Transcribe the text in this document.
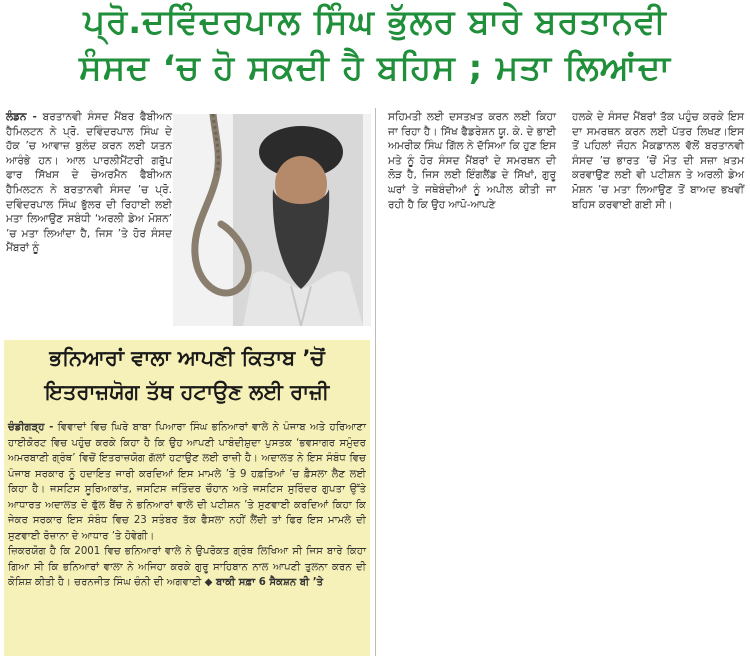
ਪ੍ਰੋ.ਦਵਿੰਦਰਪਾਲ ਸਿੰਘ ਭੁੱਲਰ ਬਾਰੇ ਬਰਤਾਨਵੀ
ਸੰਸਦ ‘ਚ ਹੋ ਸਕਦੀ ਹੈ ਬਹਿਸ ; ਮਤਾ ਲਿਆਂਦਾ
ਲੰਡਨ - ਬਰਤਾਨਵੀ ਸੰਸਦ ਮੈਂਬਰ ਫੈਬੀਅਨ ਹੈਮਿਲਟਨ ਨੇ ਪ੍ਰੋ. ਦਵਿੰਦਰਪਾਲ ਸਿੰਘ ਦੇ ਹੱਕ ’ਚ ਆਵਾਜ਼ ਬੁਲੰਦ ਕਰਨ ਲਈ ਯਤਨ ਆਰੰਭੇ ਹਨ। ਆਲ ਪਾਰਲੀਮੈਂਟਰੀ ਗਰੁੱਪ ਫਾਰ ਸਿੱਖਸ ਦੇ ਚੇਅਰਮੈਨ ਫੈਬੀਅਨ ਹੈਮਿਲਟਨ ਨੇ ਬਰਤਾਨਵੀ ਸੰਸਦ ’ਚ ਪ੍ਰੋ. ਦਵਿੰਦਰਪਾਲ ਸਿੰਘ ਭੁੱਲਰ ਦੀ ਰਿਹਾਈ ਲਈ ਮਤਾ ਲਿਆਉਣ ਸਬੰਧੀ ‘ਅਰਲੀ ਡੇਅ ਮੋਸ਼ਨ’ ’ਚ ਮਤਾ ਲਿਆਂਦਾ ਹੈ, ਜਿਸ ’ਤੇ ਹੋਰ ਸੰਸਦ ਮੈਂਬਰਾਂ ਨੂੰ
ਸਹਿਮਤੀ ਲਈ ਦਸਤਖ਼ਤ ਕਰਨ ਲਈ ਕਿਹਾ ਜਾ ਰਿਹਾ ਹੈ। ਸਿੱਖ ਫੈਡਰੇਸ਼ਨ ਯੂ. ਕੇ. ਦੇ ਭਾਈ ਅਮਰੀਕ ਸਿੰਘ ਗਿੱਲ ਨੇ ਦੱਸਿਆ ਕਿ ਹੁਣ ਇਸ ਮਤੇ ਨੂੰ ਹੋਰ ਸੰਸਦ ਮੈਂਬਰਾਂ ਦੇ ਸਮਰਥਨ ਦੀ ਲੋੜ ਹੈ, ਜਿਸ ਲਈ ਇੰਗਲੈਂਡ ਦੇ ਸਿੱਖਾਂ, ਗੁਰੂ ਘਰਾਂ ਤੇ ਜਥੇਬੰਦੀਆਂ ਨੂੰ ਅਪੀਲ ਕੀਤੀ ਜਾ ਰਹੀ ਹੈ ਕਿ ਉਹ ਆਪੋ-ਆਪਣੇ
ਹਲਕੇ ਦੇ ਸੰਸਦ ਮੈਂਬਰਾਂ ਤੱਕ ਪਹੁੰਚ ਕਰਕੇ ਇਸ ਦਾ ਸਮਰਥਨ ਕਰਨ ਲਈ ਪੱਤਰ ਲਿਖਣ।ਇਸ ਤੋਂ ਪਹਿਲਾਂ ਜੌਹਨ ਮੈਕਡਾਨਲ ਵੱਲੋਂ ਬਰਤਾਨਵੀ ਸੰਸਦ ’ਚ ਭਾਰਤ ’ਚੋਂ ਮੌਤ ਦੀ ਸਜ਼ਾ ਖ਼ਤਮ ਕਰਵਾਉਣ ਲਈ ਵੀ ਪਟੀਸ਼ਨ ਤੇ ਅਰਲੀ ਡੇਅ ਮੋਸ਼ਨ ’ਚ ਮਤਾ ਲਿਆਉਣ ਤੋਂ ਬਾਅਦ ਭਖਵੀਂ ਬਹਿਸ ਕਰਵਾਈ ਗਈ ਸੀ।
ਭਨਿਆਰਾਂ ਵਾਲਾ ਆਪਣੀ ਕਿਤਾਬ ’ਚੋਂ
ਇਤਰਾਜ਼ਯੋਗ ਤੱਥ ਹਟਾਉਣ ਲਈ ਰਾਜ਼ੀ

ਚੰਡੀਗੜ੍ਹ - ਵਿਵਾਦਾਂ ਵਿਚ ਘਿਰੇ ਬਾਬਾ ਪਿਆਰਾ ਸਿੰਘ ਭਨਿਆਰਾਂ ਵਾਲੇ ਨੇ ਪੰਜਾਬ ਅਤੇ ਹਰਿਆਣਾ ਹਾਈਕੋਰਟ ਵਿਚ ਪਹੁੰਚ ਕਰਕੇ ਕਿਹਾ ਹੈ ਕਿ ਉਹ ਆਪਣੀ ਪਾਬੰਦੀਸ਼ੁਦਾ ਪੁਸਤਕ ‘ਭਵਸਾਗਰ ਸਮੁੰਦਰ ਅਮਰਬਾਣੀ ਗ੍ਰੰਥ’ ਵਿਚੋਂ ਇਤਰਾਜ਼ਯੋਗ ਗੱਲਾਂ ਹਟਾਉਣ ਲਈ ਰਾਜ਼ੀ ਹੈ। ਅਦਾਲਤ ਨੇ ਇਸ ਸੰਬੰਧ ਵਿਚ ਪੰਜਾਬ ਸਰਕਾਰ ਨੂੰ ਹਦਾਇਤ ਜਾਰੀ ਕਰਦਿਆਂ ਇਸ ਮਾਮਲੇ ’ਤੇ 9 ਹਫ਼ਤਿਆਂ ’ਚ ਫ਼ੈਸਲਾ ਲੈਣ ਲਈ ਕਿਹਾ ਹੈ। ਜਸਟਿਸ ਸੂਰਿਆਕਾਂਤ, ਜਸਟਿਸ ਜਤਿੰਦਰ ਚੌਹਾਨ ਅਤੇ ਜਸਟਿਸ ਸੁਰਿੰਦਰ ਗੁਪਤਾ ਉੱਤੇ ਆਧਾਰਤ ਅਦਾਲਤ ਦੇ ਫੁੱਲ ਬੈਂਚ ਨੇ ਭਨਿਆਰਾਂ ਵਾਲੇ ਦੀ ਪਟੀਸ਼ਨ ’ਤੇ ਸੁਣਵਾਈ ਕਰਦਿਆਂ ਕਿਹਾ ਕਿ ਜੇਕਰ ਸਰਕਾਰ ਇਸ ਸੰਬੰਧ ਵਿਚ 23 ਸਤੰਬਰ ਤੱਕ ਫੈਸਲਾ ਨਹੀਂ ਲੈਂਦੀ ਤਾਂ ਫਿਰ ਇਸ ਮਾਮਲੇ ਦੀ ਸੁਣਵਾਈ ਰੋਜ਼ਾਨਾ ਦੇ ਆਧਾਰ ’ਤੇ ਹੋਵੇਗੀ।

ਜ਼ਿਕਰਯੋਗ ਹੈ ਕਿ 2001 ਵਿਚ ਭਨਿਆਰਾਂ ਵਾਲੇ ਨੇ ਉਪਰੋਕਤ ਗ੍ਰੰਥ ਲਿਖਿਆ ਸੀ ਜਿਸ ਬਾਰੇ ਕਿਹਾ ਗਿਆ ਸੀ ਕਿ ਭਨਿਆਰਾਂ ਵਾਲਾ ਨੇ ਅਜਿਹਾ ਕਰਕੇ ਗੁਰੂ ਸਾਹਿਬਾਨ ਨਾਲ ਆਪਣੀ ਤੁਲਨਾ ਕਰਨ ਦੀ ਕੋਸ਼ਿਸ਼ ਕੀਤੀ ਹੈ। ਚਰਨਜੀਤ ਸਿੰਘ ਚੰਨੀ ਦੀ ਅਗਵਾਈ ◆ ਬਾਕੀ ਸਫ਼ਾ 6 ਸੈਕਸ਼ਨ ਬੀ ’ਤੇ
